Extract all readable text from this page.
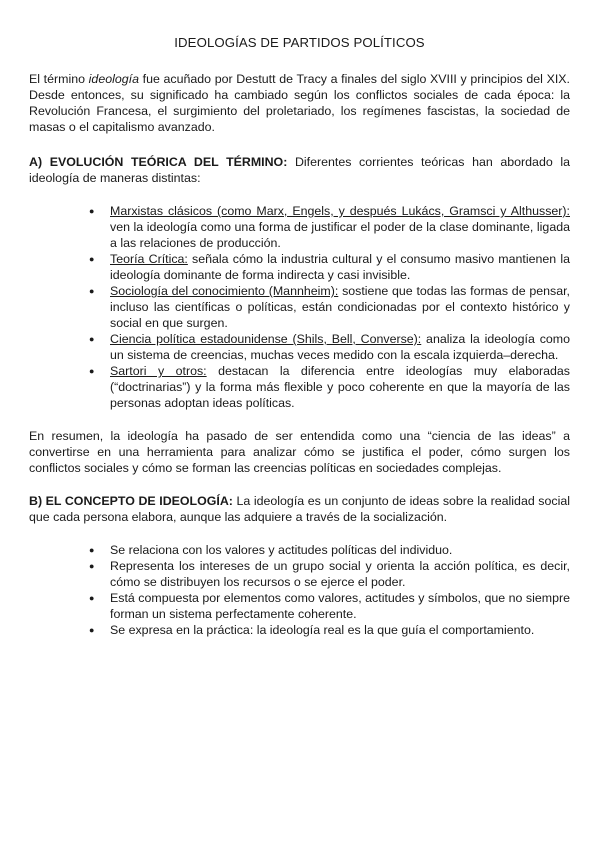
IDEOLOGÍAS DE PARTIDOS POLÍTICOS

El término ideología fue acuñado por Destutt de Tracy a finales del siglo XVIII y principios del XIX. Desde entonces, su significado ha cambiado según los conflictos sociales de cada época: la Revolución Francesa, el surgimiento del proletariado, los regímenes fascistas, la sociedad de masas o el capitalismo avanzado.

A) EVOLUCIÓN TEÓRICA DEL TÉRMINO: Diferentes corrientes teóricas han abordado la ideología de maneras distintas:

● Marxistas clásicos (como Marx, Engels, y después Lukács, Gramsci y Althusser): ven la ideología como una forma de justificar el poder de la clase dominante, ligada a las relaciones de producción.
● Teoría Crítica: señala cómo la industria cultural y el consumo masivo mantienen la ideología dominante de forma indirecta y casi invisible.
● Sociología del conocimiento (Mannheim): sostiene que todas las formas de pensar, incluso las científicas o políticas, están condicionadas por el contexto histórico y social en que surgen.
● Ciencia política estadounidense (Shils, Bell, Converse): analiza la ideología como un sistema de creencias, muchas veces medido con la escala izquierda–derecha.
● Sartori y otros: destacan la diferencia entre ideologías muy elaboradas (“doctrinarias”) y la forma más flexible y poco coherente en que la mayoría de las personas adoptan ideas políticas.

En resumen, la ideología ha pasado de ser entendida como una “ciencia de las ideas” a convertirse en una herramienta para analizar cómo se justifica el poder, cómo surgen los conflictos sociales y cómo se forman las creencias políticas en sociedades complejas.

B) EL CONCEPTO DE IDEOLOGÍA: La ideología es un conjunto de ideas sobre la realidad social que cada persona elabora, aunque las adquiere a través de la socialización.

● Se relaciona con los valores y actitudes políticas del individuo.
● Representa los intereses de un grupo social y orienta la acción política, es decir, cómo se distribuyen los recursos o se ejerce el poder.
● Está compuesta por elementos como valores, actitudes y símbolos, que no siempre forman un sistema perfectamente coherente.
● Se expresa en la práctica: la ideología real es la que guía el comportamiento.
